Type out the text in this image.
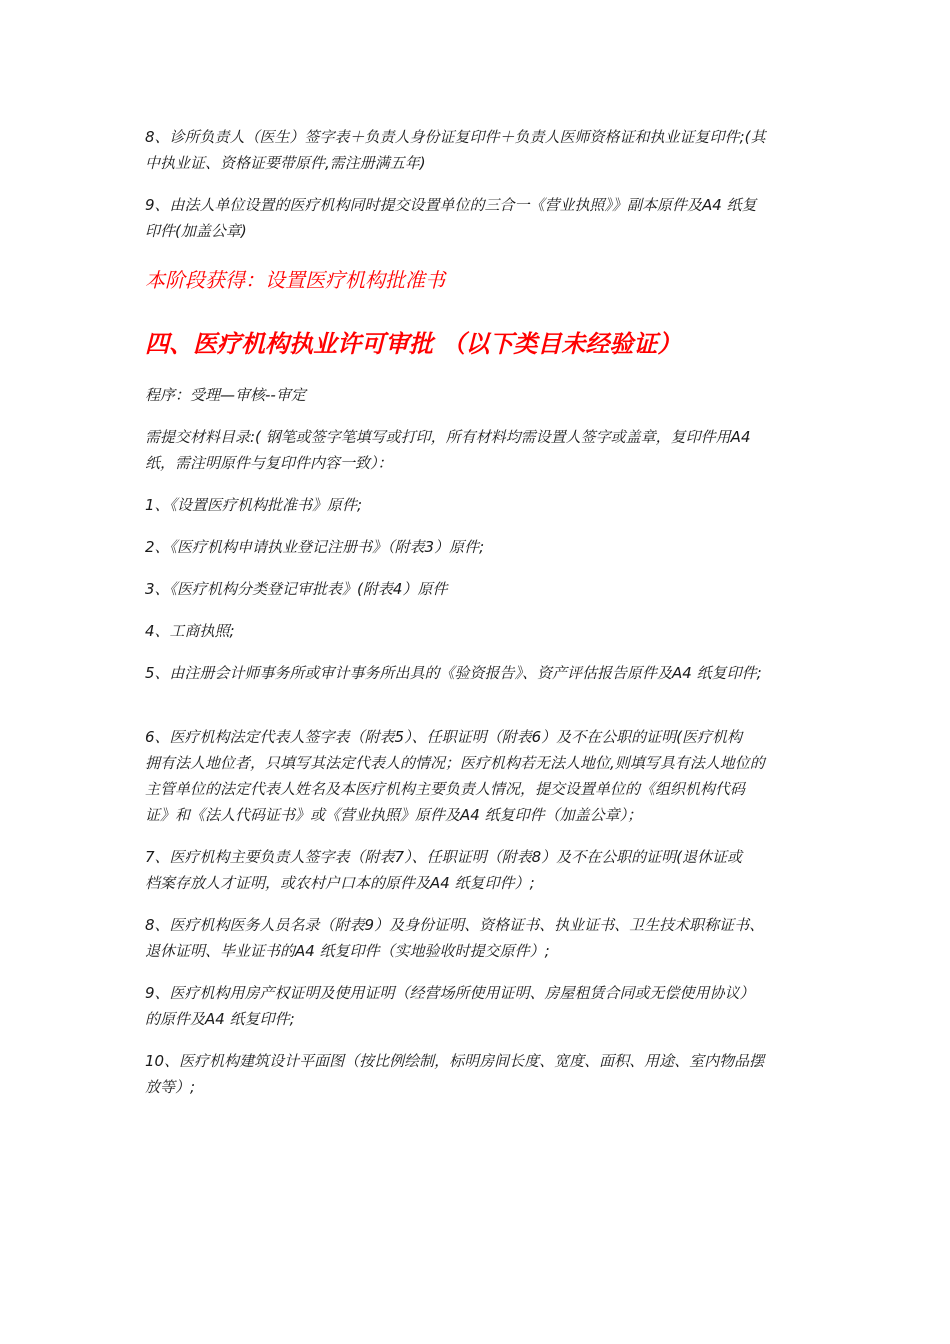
8、诊所负责人（医生）签字表＋负责人身份证复印件＋负责人医师资格证和执业证复印件;(其
中执业证、资格证要带原件,需注册满五年)

9、由法人单位设置的医疗机构同时提交设置单位的三合一《营业执照》》副本原件及A4 纸复
印件(加盖公章)

本阶段获得：设置医疗机构批准书
四、医疗机构执业许可审批 （以下类目未经验证）

程序：受理—审核--审定

需提交材料目录:( 钢笔或签字笔填写或打印，所有材料均需设置人签字或盖章，复印件用A4
纸，需注明原件与复印件内容一致）：

1、《设置医疗机构批准书》原件;

2、《医疗机构申请执业登记注册书》（附表3）原件;

3、《医疗机构分类登记审批表》(附表4）原件

4、工商执照;

5、由注册会计师事务所或审计事务所出具的《验资报告》、资产评估报告原件及A4 纸复印件;

6、医疗机构法定代表人签字表（附表5）、任职证明（附表6）及不在公职的证明(医疗机构
拥有法人地位者，只填写其法定代表人的情况；医疗机构若无法人地位,则填写具有法人地位的
主管单位的法定代表人姓名及本医疗机构主要负责人情况，提交设置单位的《组织机构代码
证》和《法人代码证书》或《营业执照》原件及A4 纸复印件（加盖公章）；

7、医疗机构主要负责人签字表（附表7）、任职证明（附表8）及不在公职的证明(退休证或
档案存放人才证明，或农村户口本的原件及A4 纸复印件）;

8、医疗机构医务人员名录（附表9）及身份证明、资格证书、执业证书、卫生技术职称证书、
退休证明、毕业证书的A4 纸复印件（实地验收时提交原件）;

9、医疗机构用房产权证明及使用证明（经营场所使用证明、房屋租赁合同或无偿使用协议）
的原件及A4 纸复印件;

10、医疗机构建筑设计平面图（按比例绘制，标明房间长度、宽度、面积、用途、室内物品摆
放等）;
